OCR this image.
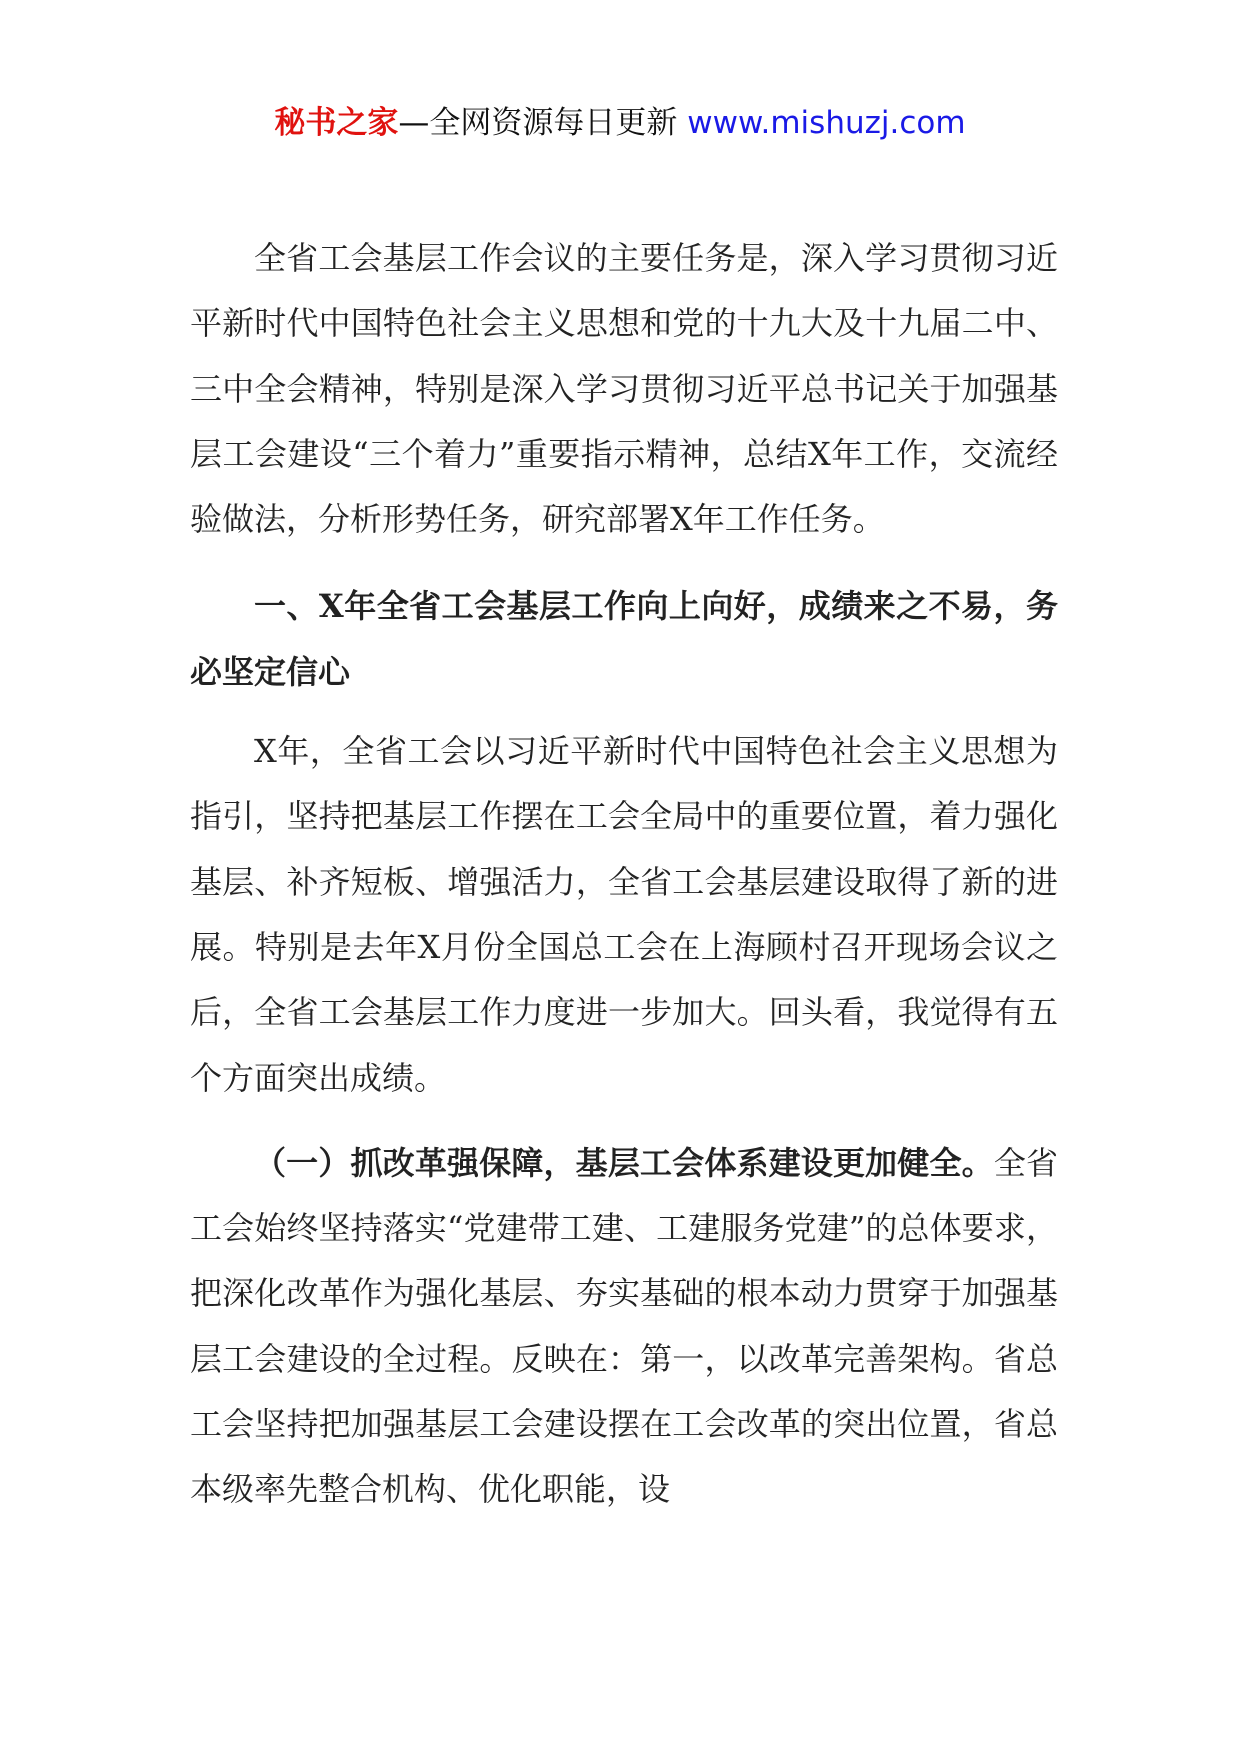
秘书之家—全网资源每日更新 www.mishuzj.com

全省工会基层工作会议的主要任务是，深入学习贯彻习近平新时代中国特色社会主义思想和党的十九大及十九届二中、三中全会精神，特别是深入学习贯彻习近平总书记关于加强基层工会建设“三个着力”重要指示精神，总结X年工作，交流经验做法，分析形势任务，研究部署X年工作任务。

一、X年全省工会基层工作向上向好，成绩来之不易，务必坚定信心

X年，全省工会以习近平新时代中国特色社会主义思想为指引，坚持把基层工作摆在工会全局中的重要位置，着力强化基层、补齐短板、增强活力，全省工会基层建设取得了新的进展。特别是去年X月份全国总工会在上海顾村召开现场会议之后，全省工会基层工作力度进一步加大。回头看，我觉得有五个方面突出成绩。

（一）抓改革强保障，基层工会体系建设更加健全。全省工会始终坚持落实“党建带工建、工建服务党建”的总体要求，把深化改革作为强化基层、夯实基础的根本动力贯穿于加强基层工会建设的全过程。反映在：第一，以改革完善架构。省总工会坚持把加强基层工会建设摆在工会改革的突出位置，省总本级率先整合机构、优化职能，设
